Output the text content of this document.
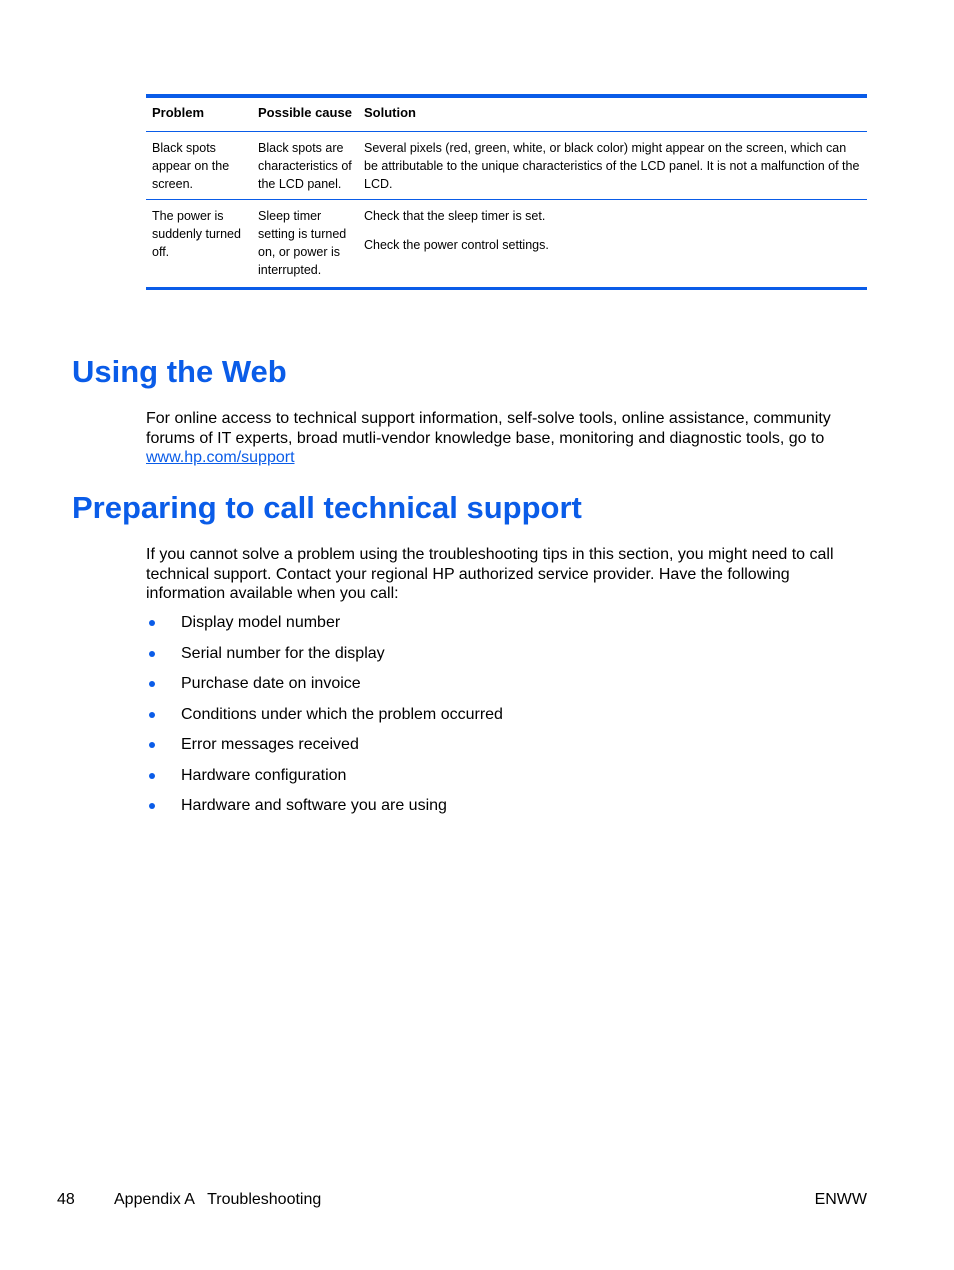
Problem	Possible cause	Solution
Black spots appear on the screen.	Black spots are characteristics of the LCD panel.	Several pixels (red, green, white, or black color) might appear on the screen, which can be attributable to the unique characteristics of the LCD panel. It is not a malfunction of the LCD.

The power is suddenly turned off.	Sleep timer setting is turned on, or power is interrupted.	Check that the sleep timer is set.
Check the power control settings.
Using the Web

For online access to technical support information, self-solve tools, online assistance, community forums of IT experts, broad mutli-vendor knowledge base, monitoring and diagnostic tools, go to
www.hp.com/support

Preparing to call technical support

If you cannot solve a problem using the troubleshooting tips in this section, you might need to call technical support. Contact your regional HP authorized service provider. Have the following information available when you call:

Display model number
Serial number for the display
Purchase date on invoice
Conditions under which the problem occurred
Error messages received
Hardware configuration
Hardware and software you are using
48 Appendix A   Troubleshooting	ENWW
